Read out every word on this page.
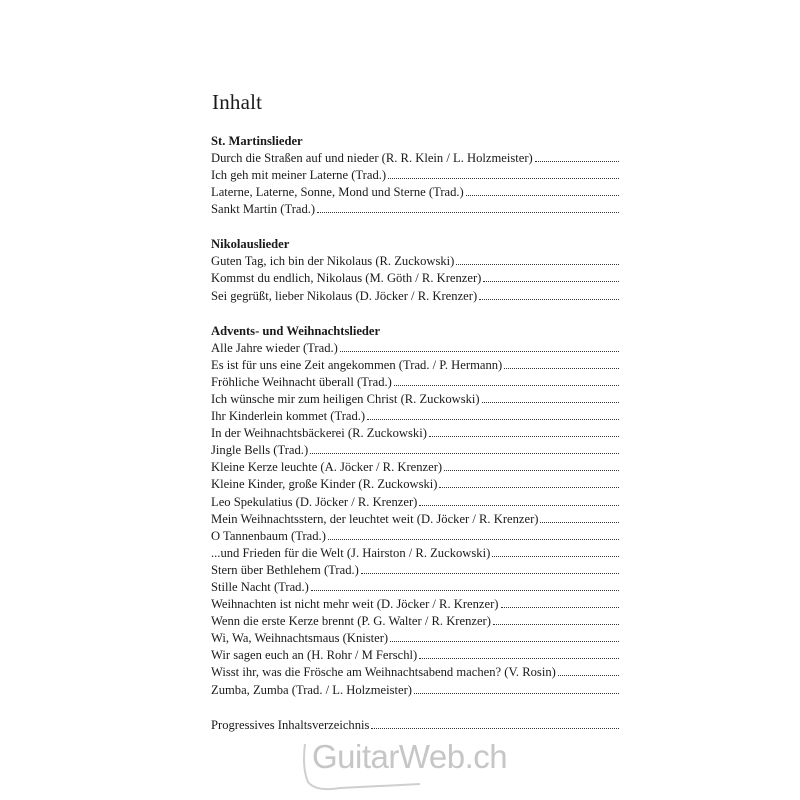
Inhalt
St. Martinslieder
Durch die Straßen auf und nieder (R. R. Klein / L. Holzmeister)
Ich geh mit meiner Laterne (Trad.)
Laterne, Laterne, Sonne, Mond und Sterne (Trad.)
Sankt Martin (Trad.)
Nikolauslieder
Guten Tag, ich bin der Nikolaus (R. Zuckowski)
Kommst du endlich, Nikolaus (M. Göth / R. Krenzer)
Sei gegrüßt, lieber Nikolaus (D. Jöcker / R. Krenzer)
Advents- und Weihnachtslieder
Alle Jahre wieder (Trad.)
Es ist für uns eine Zeit angekommen (Trad. / P. Hermann)
Fröhliche Weihnacht überall (Trad.)
Ich wünsche mir zum heiligen Christ (R. Zuckowski)
Ihr Kinderlein kommet (Trad.)
In der Weihnachtsbäckerei (R. Zuckowski)
Jingle Bells (Trad.)
Kleine Kerze leuchte (A. Jöcker / R. Krenzer)
Kleine Kinder, große Kinder (R. Zuckowski)
Leo Spekulatius (D. Jöcker / R. Krenzer)
Mein Weihnachtsstern, der leuchtet weit (D. Jöcker / R. Krenzer)
O Tannenbaum (Trad.)
...und Frieden für die Welt (J. Hairston / R. Zuckowski)
Stern über Bethlehem (Trad.)
Stille Nacht (Trad.)
Weihnachten ist nicht mehr weit (D. Jöcker / R. Krenzer)
Wenn die erste Kerze brennt (P. G. Walter / R. Krenzer)
Wi, Wa, Weihnachtsmaus (Knister)
Wir sagen euch an (H. Rohr / M Ferschl)
Wisst ihr, was die Frösche am Weihnachtsabend machen? (V. Rosin)
Zumba, Zumba (Trad. / L. Holzmeister)
Progressives Inhaltsverzeichnis
GuitarWeb.ch
